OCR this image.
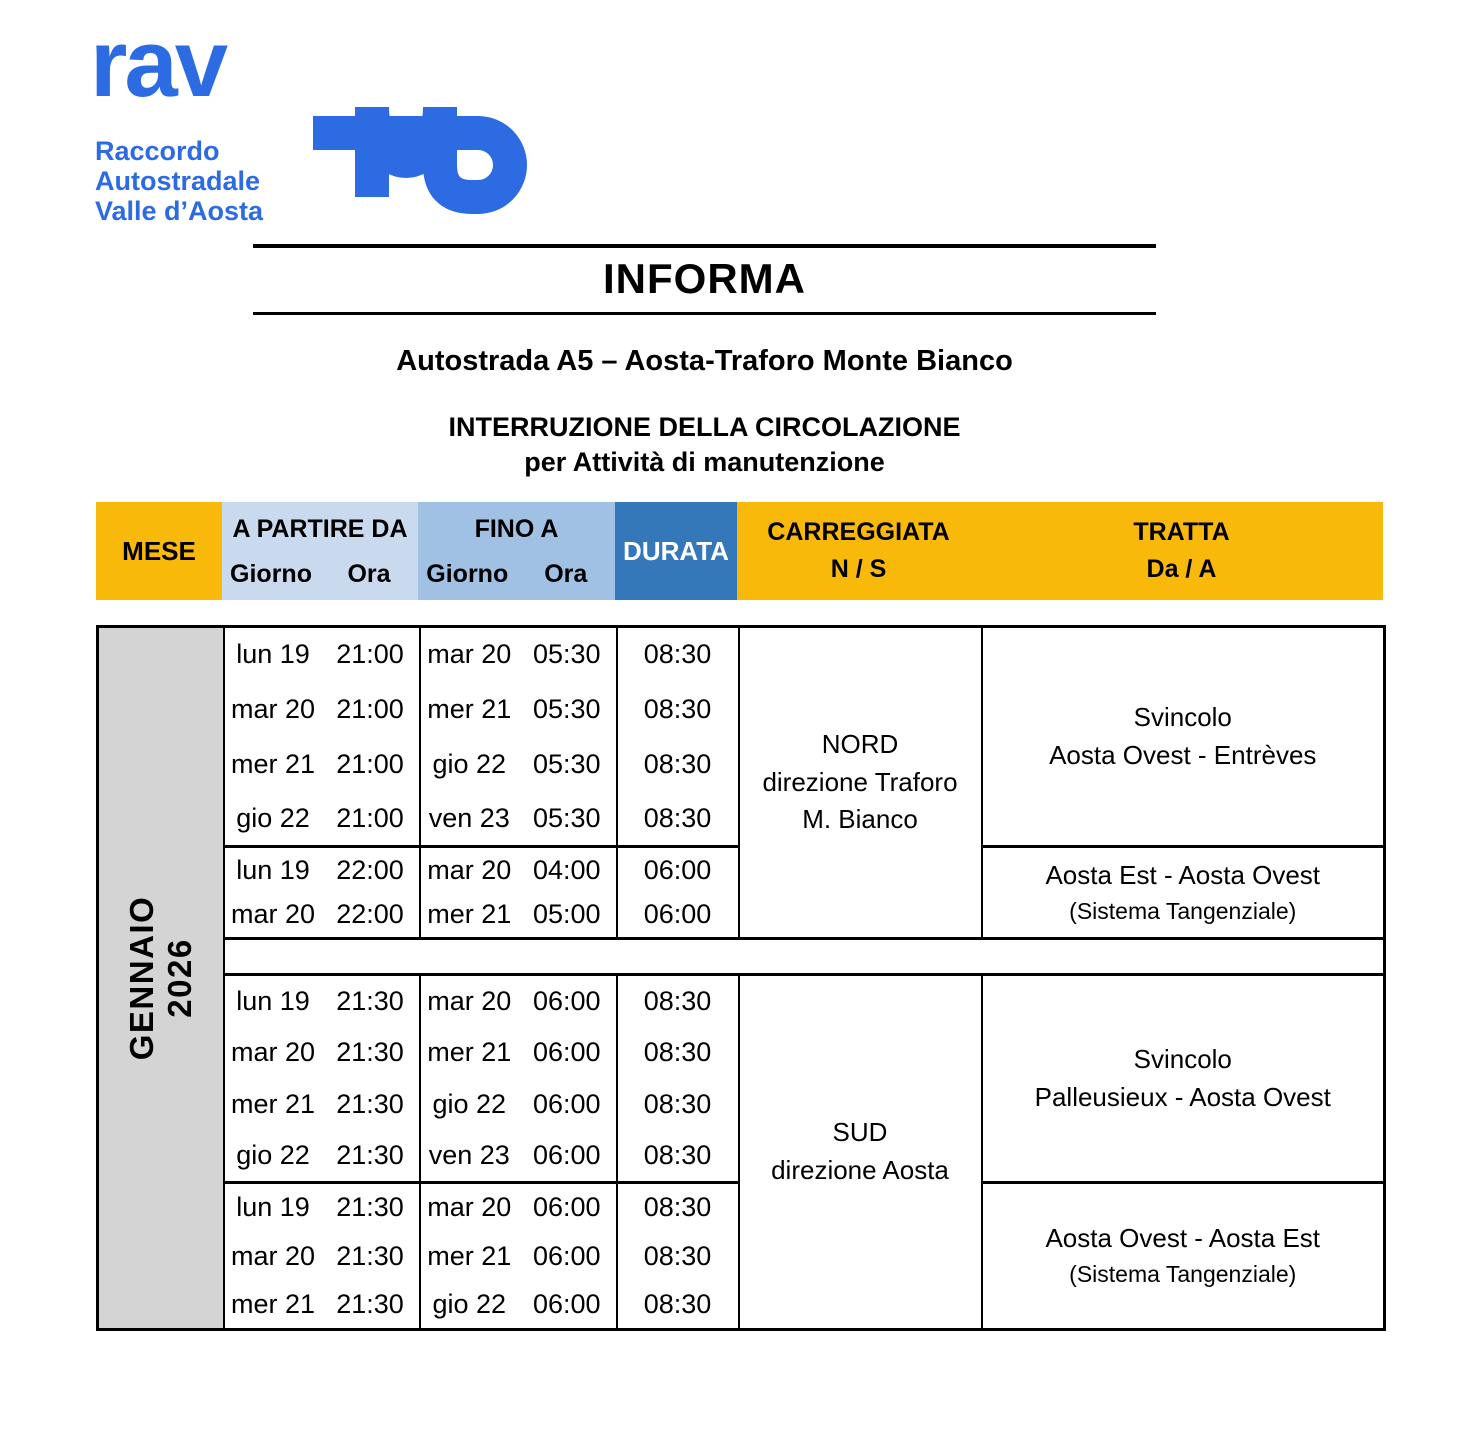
rav
Raccordo
Autostradale
Valle d’Aosta
INFORMA
Autostrada A5 – Aosta-Traforo Monte Bianco
INTERRUZIONE DELLA CIRCOLAZIONE
per Attività di manutenzione
MESE
A PARTIRE DA
Giorno	Ora
FINO A
Giorno	Ora
DURATA
CARREGGIATA
N / S
TRATTA
Da / A
GENNAIO 2026

lun 19 21:00	mar 20 05:30	08:30	
NORD
direzione Traforo
M. Bianco

Svincolo
Aosta Ovest - Entrèves

	mar 20 21:00	mer 21 05:30	08:30		

	mer 21 21:00	gio 22 05:30	08:30		

	gio 22 21:00	ven 23 05:30	08:30		

	lun 19 22:00	mar 20 04:00	06:00		Aosta Est - Aosta Ovest
(Sistema Tangenziale)

	mar 20 22:00	mer 21 05:00	06:00		

	lun 19 21:30	mar 20 06:00	08:30	SUD
direzione Aosta	Svincolo
Palleusieux - Aosta Ovest

	mar 20 21:30	mer 21 06:00	08:30		

	mer 21 21:30	gio 22 06:00	08:30		

	gio 22 21:30	ven 23 06:00	08:30		

	lun 19 21:30	mar 20 06:00	08:30		Aosta Ovest - Aosta Est
(Sistema Tangenziale)

	mar 20 21:30	mer 21 06:00	08:30		

	mer 21 21:30	gio 22 06:00	08:30		
